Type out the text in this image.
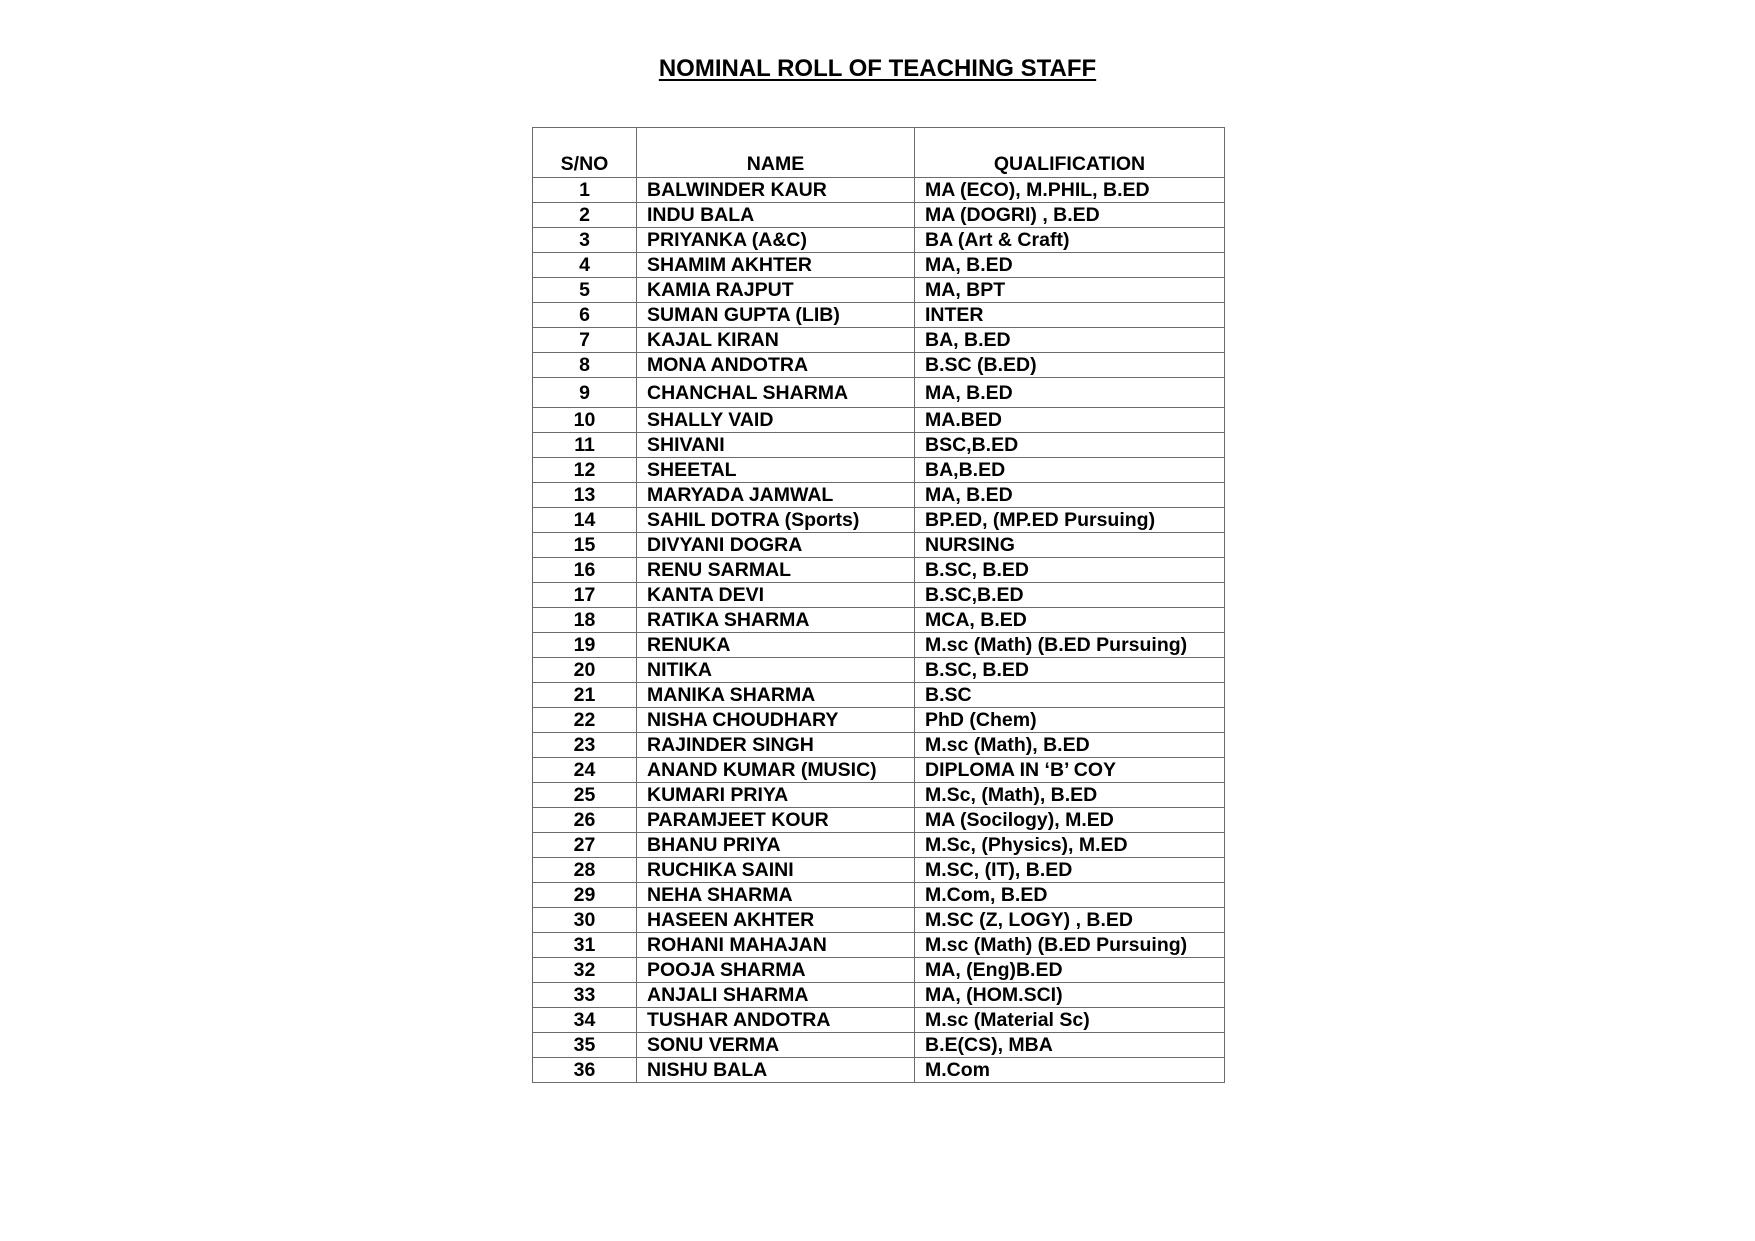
NOMINAL ROLL OF TEACHING STAFF
S/NO	NAME	QUALIFICATION
1	BALWINDER KAUR	MA (ECO), M.PHIL, B.ED
2	INDU BALA	MA (DOGRI) , B.ED
3	PRIYANKA (A&C)	BA (Art & Craft)
4	SHAMIM AKHTER	MA, B.ED
5	KAMIA RAJPUT	MA, BPT
6	SUMAN GUPTA (LIB)	INTER
7	KAJAL KIRAN	BA, B.ED
8	MONA ANDOTRA	B.SC (B.ED)
9	CHANCHAL SHARMA	MA, B.ED
10	SHALLY VAID	MA.BED
11	SHIVANI	BSC,B.ED
12	SHEETAL	BA,B.ED
13	MARYADA JAMWAL	MA, B.ED
14	SAHIL DOTRA (Sports)	BP.ED, (MP.ED Pursuing)
15	DIVYANI DOGRA	NURSING
16	RENU SARMAL	B.SC, B.ED
17	KANTA DEVI	B.SC,B.ED
18	RATIKA SHARMA	MCA, B.ED
19	RENUKA	M.sc (Math) (B.ED Pursuing)
20	NITIKA	B.SC, B.ED
21	MANIKA SHARMA	B.SC
22	NISHA CHOUDHARY	PhD (Chem)
23	RAJINDER SINGH	M.sc (Math), B.ED
24	ANAND KUMAR (MUSIC)	DIPLOMA IN ‘B’ COY
25	KUMARI PRIYA	M.Sc, (Math), B.ED
26	PARAMJEET KOUR	MA (Socilogy), M.ED
27	BHANU PRIYA	M.Sc, (Physics), M.ED
28	RUCHIKA SAINI	M.SC, (IT), B.ED
29	NEHA SHARMA	M.Com, B.ED
30	HASEEN AKHTER	M.SC (Z, LOGY) , B.ED
31	ROHANI MAHAJAN	M.sc (Math) (B.ED Pursuing)
32	POOJA SHARMA	MA, (Eng)B.ED
33	ANJALI SHARMA	MA, (HOM.SCI)
34	TUSHAR ANDOTRA	M.sc (Material Sc)
35	SONU VERMA	B.E(CS), MBA
36	NISHU BALA	M.Com
